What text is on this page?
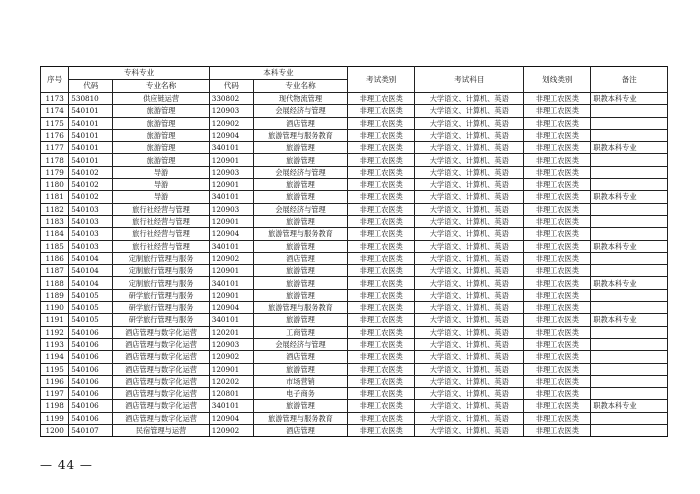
序号	专科专业		本科专业		考试类别	考试科目	划线类别	备注
	代码	专业名称	代码	专业名称				
1173	530810	供应链运营	330802	现代物流管理	非理工农医类	大学语文、计算机、英语	非理工农医类	职教本科专业
1174	540101	旅游管理	120903	会展经济与管理	非理工农医类	大学语文、计算机、英语	非理工农医类	
1175	540101	旅游管理	120902	酒店管理	非理工农医类	大学语文、计算机、英语	非理工农医类	
1176	540101	旅游管理	120904	旅游管理与服务教育	非理工农医类	大学语文、计算机、英语	非理工农医类	
1177	540101	旅游管理	340101	旅游管理	非理工农医类	大学语文、计算机、英语	非理工农医类	职教本科专业
1178	540101	旅游管理	120901	旅游管理	非理工农医类	大学语文、计算机、英语	非理工农医类	
1179	540102	导游	120903	会展经济与管理	非理工农医类	大学语文、计算机、英语	非理工农医类	
1180	540102	导游	120901	旅游管理	非理工农医类	大学语文、计算机、英语	非理工农医类	
1181	540102	导游	340101	旅游管理	非理工农医类	大学语文、计算机、英语	非理工农医类	职教本科专业
1182	540103	旅行社经营与管理	120903	会展经济与管理	非理工农医类	大学语文、计算机、英语	非理工农医类	
1183	540103	旅行社经营与管理	120901	旅游管理	非理工农医类	大学语文、计算机、英语	非理工农医类	
1184	540103	旅行社经营与管理	120904	旅游管理与服务教育	非理工农医类	大学语文、计算机、英语	非理工农医类	
1185	540103	旅行社经营与管理	340101	旅游管理	非理工农医类	大学语文、计算机、英语	非理工农医类	职教本科专业
1186	540104	定制旅行管理与服务	120902	酒店管理	非理工农医类	大学语文、计算机、英语	非理工农医类	
1187	540104	定制旅行管理与服务	120901	旅游管理	非理工农医类	大学语文、计算机、英语	非理工农医类	
1188	540104	定制旅行管理与服务	340101	旅游管理	非理工农医类	大学语文、计算机、英语	非理工农医类	职教本科专业
1189	540105	研学旅行管理与服务	120901	旅游管理	非理工农医类	大学语文、计算机、英语	非理工农医类	
1190	540105	研学旅行管理与服务	120904	旅游管理与服务教育	非理工农医类	大学语文、计算机、英语	非理工农医类	
1191	540105	研学旅行管理与服务	340101	旅游管理	非理工农医类	大学语文、计算机、英语	非理工农医类	职教本科专业
1192	540106	酒店管理与数字化运营	120201	工商管理	非理工农医类	大学语文、计算机、英语	非理工农医类	
1193	540106	酒店管理与数字化运营	120903	会展经济与管理	非理工农医类	大学语文、计算机、英语	非理工农医类	
1194	540106	酒店管理与数字化运营	120902	酒店管理	非理工农医类	大学语文、计算机、英语	非理工农医类	
1195	540106	酒店管理与数字化运营	120901	旅游管理	非理工农医类	大学语文、计算机、英语	非理工农医类	
1196	540106	酒店管理与数字化运营	120202	市场营销	非理工农医类	大学语文、计算机、英语	非理工农医类	
1197	540106	酒店管理与数字化运营	120801	电子商务	非理工农医类	大学语文、计算机、英语	非理工农医类	
1198	540106	酒店管理与数字化运营	340101	旅游管理	非理工农医类	大学语文、计算机、英语	非理工农医类	职教本科专业
1199	540106	酒店管理与数字化运营	120904	旅游管理与服务教育	非理工农医类	大学语文、计算机、英语	非理工农医类	
1200	540107	民宿管理与运营	120902	酒店管理	非理工农医类	大学语文、计算机、英语	非理工农医类	
— 44 —
